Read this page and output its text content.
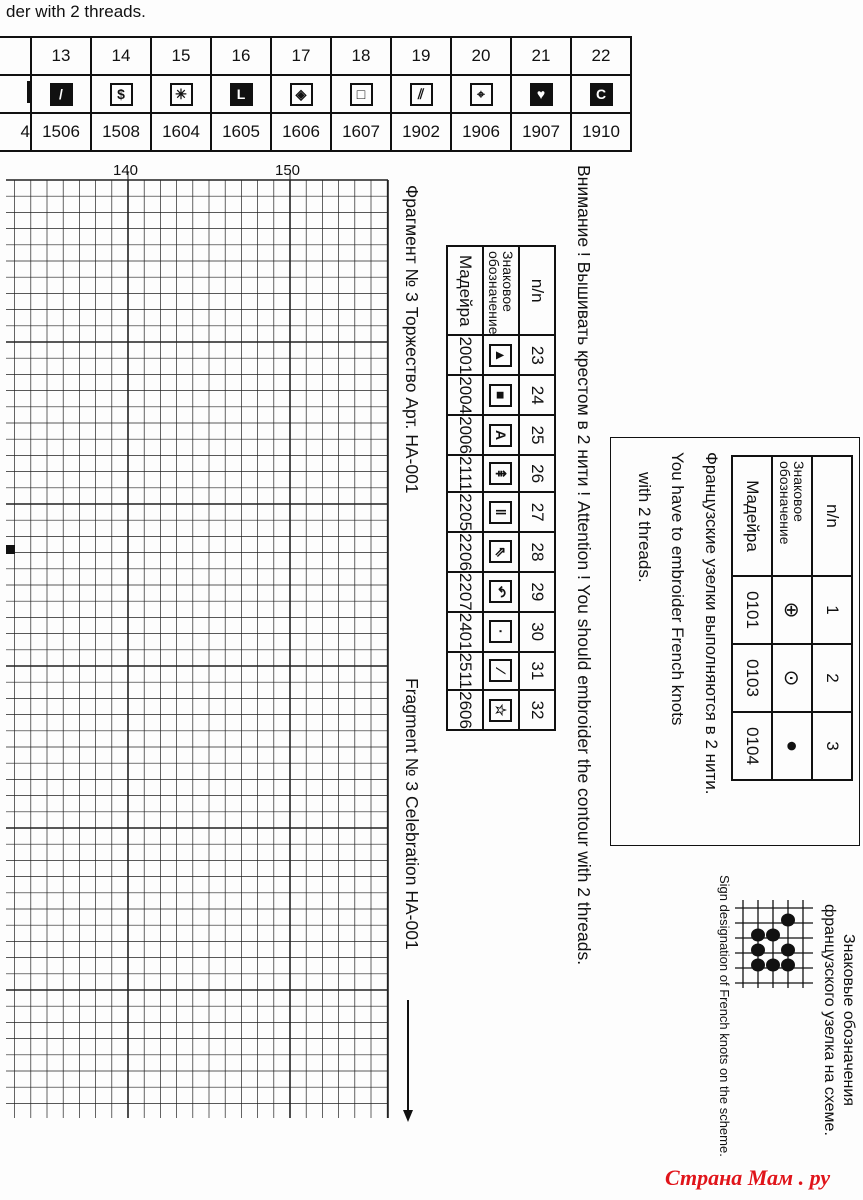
der with 2 threads.
	13	14	15	16	17	18	19	20	21	22
	/	$	✳	L	◈	□	⫽	⌖	♥	C
4	1506	1508	1604	1605	1606	1607	1902	1906	1907	1910
140	150	Внимание ! Вышивать крестом в 2 нити ! Attention ! You should embroider the contour with 2 threads.
Фрагмент № 3 Торжество Арт. НА-001
Fragment № 3 Celebration HA-001
n/n	23	24	25	26	27	28	29	30	31	32
Знаковое обозначение	▲	■	A	⇞	‖	⇖	↶	·	⁄	☆
Мадейра	2001	2004	2006	2111	2205	2206	2207	2401	2511	2606
n/n	1	2	3
Знаковое обозначение	⊕	⊙	●
Мадейра	0101	0103	0104
Французские узелки выполняются в 2 нити.
You have to embroider French knots
with 2 threads.
Знаковые обозначения
французского узелка на схеме.
Sign designation of French knots on the scheme.
Страна Мам . ру
